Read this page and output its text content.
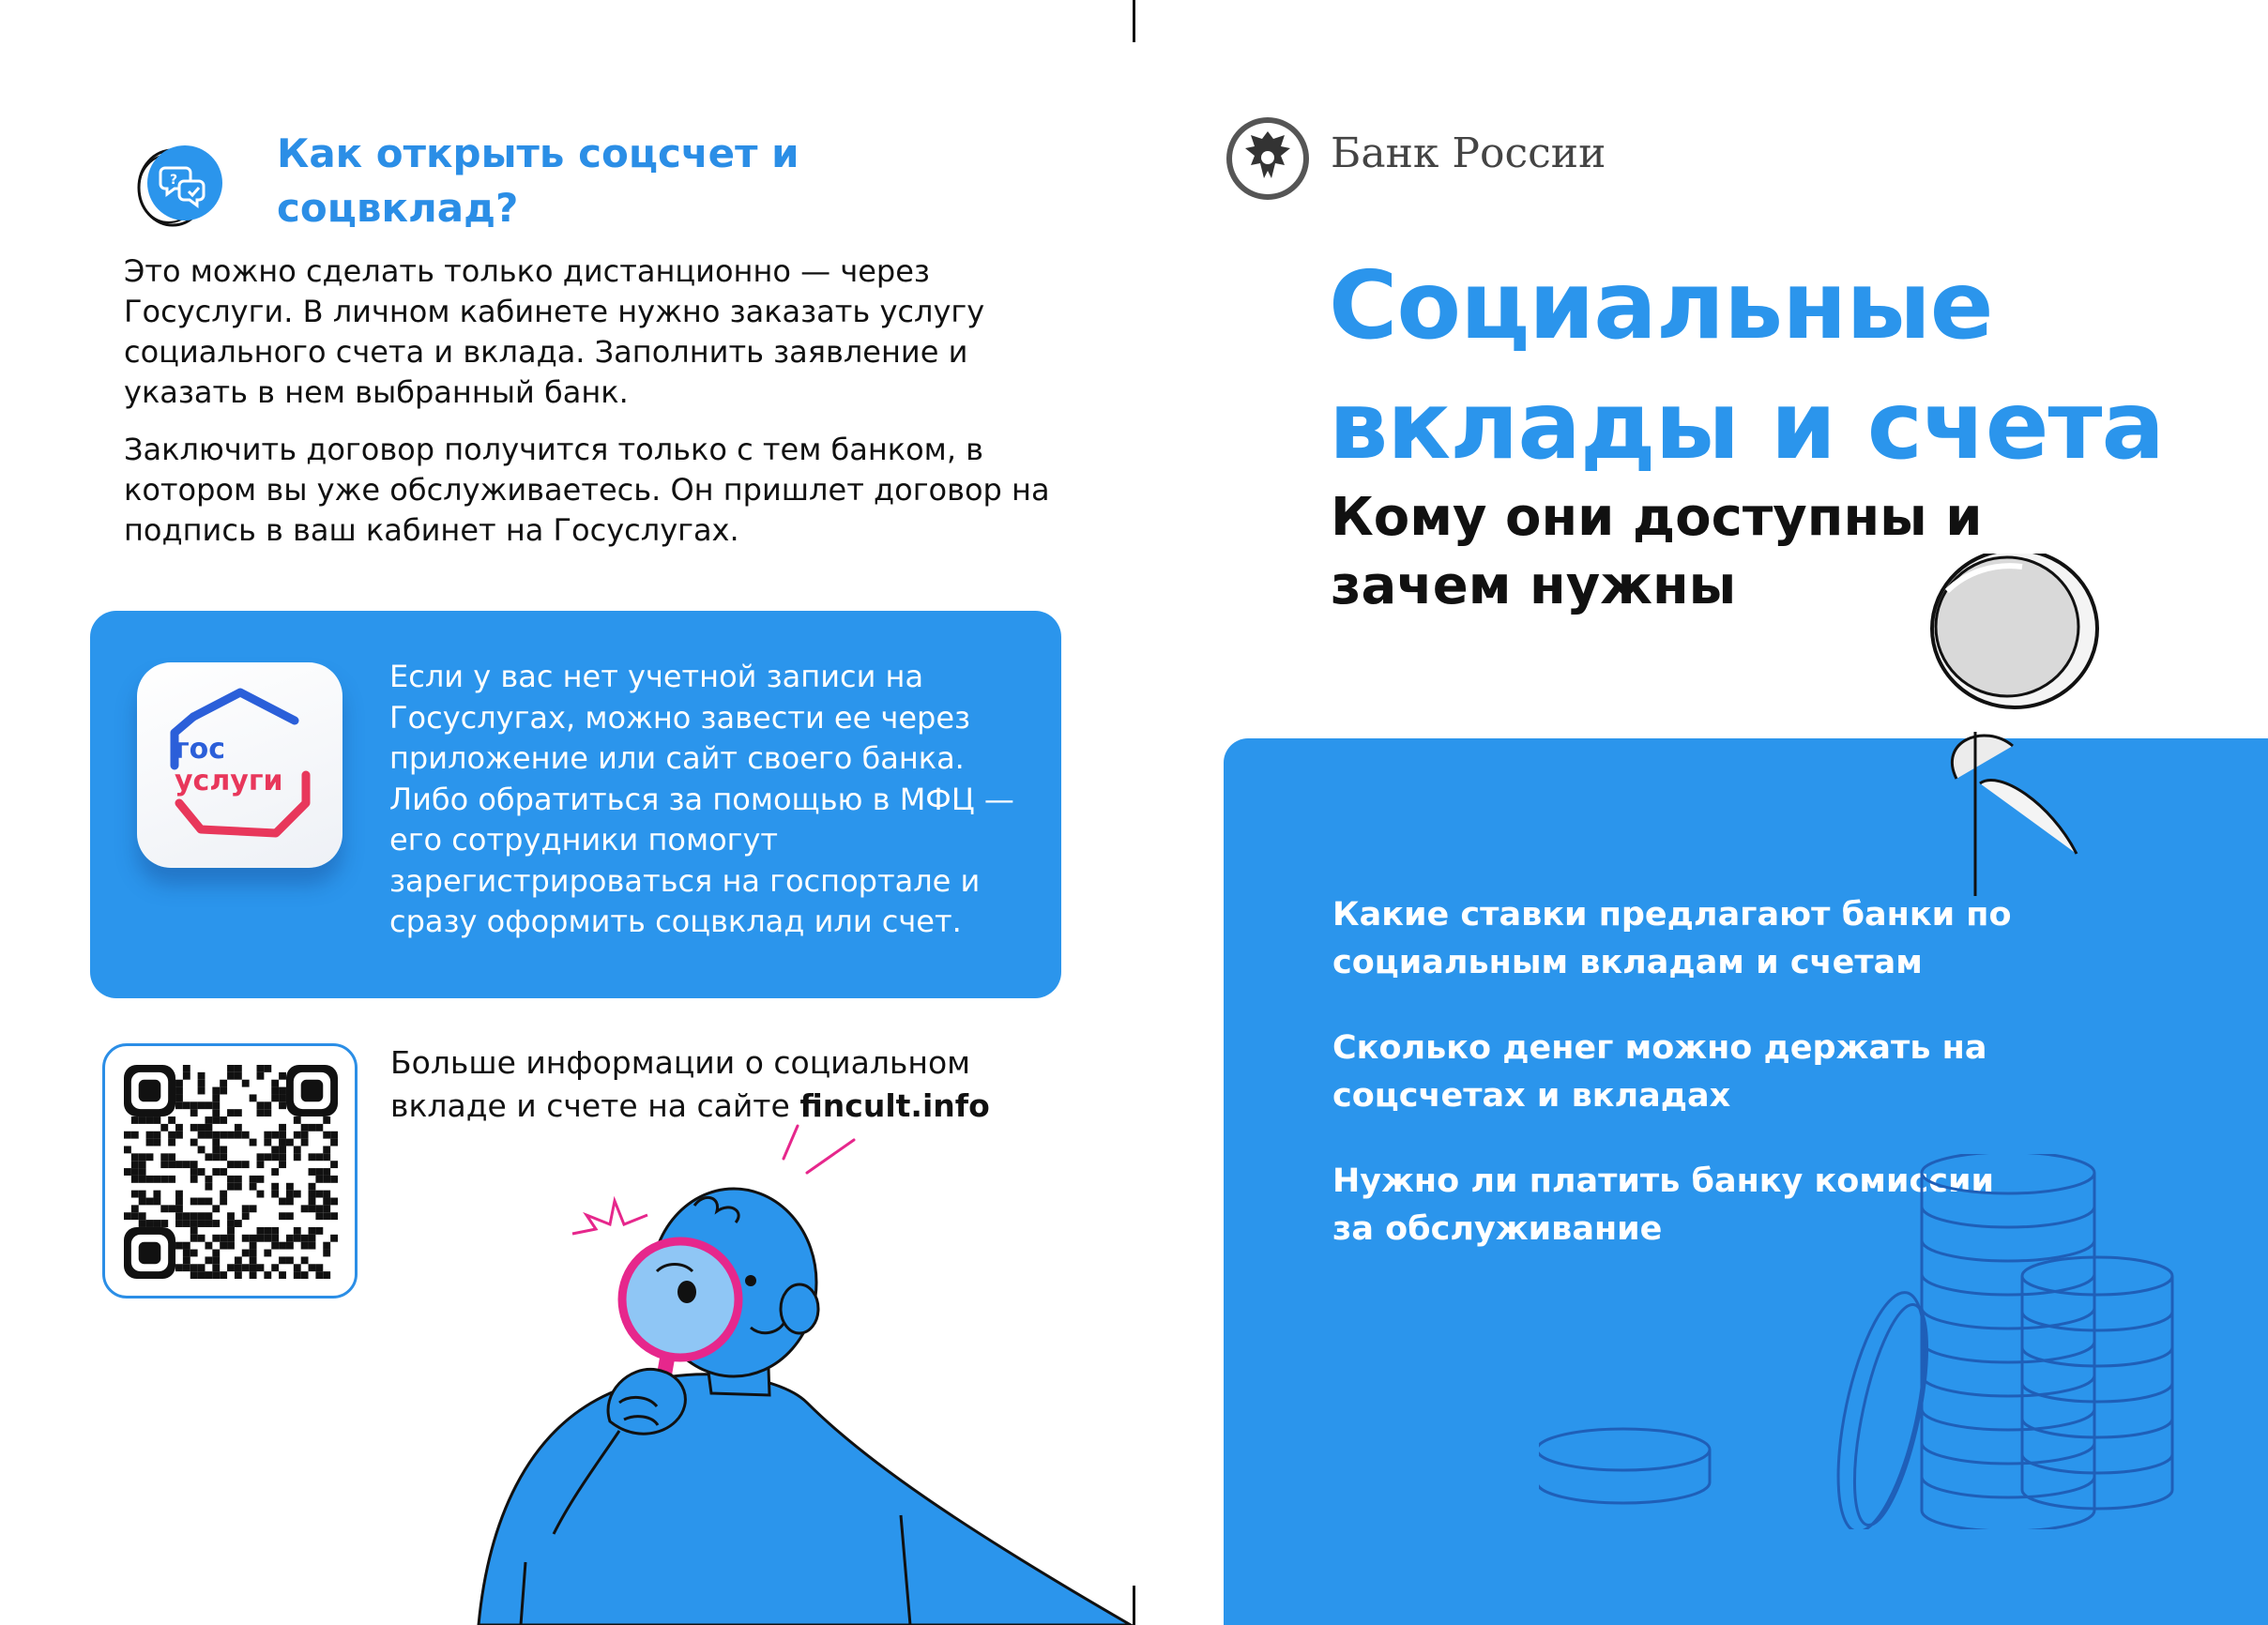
?
Как открыть соцсчет и соцвклад?
Это можно сделать только дистанционно — через Госуслуги. В личном кабинете нужно заказать услугу социального счета и вклада. Заполнить заявление и указать в нем выбранный банк.
Заключить договор получится только с тем банком, в котором вы уже обслуживаетесь. Он пришлет договор на подпись в ваш кабинет на Госуслугах.
гос
услуги
Если у вас нет учетной записи на Госуслугах, можно завести ее через приложение или сайт своего банка. Либо обратиться за помощью в МФЦ — его сотрудники помогут зарегистрироваться на госпортале и сразу оформить соцвклад или счет.
Больше информации о социальном вкладе и счете на сайте fincult.info
Банк России
Социальные вклады и счета
Кому они доступны и зачем нужны
Какие ставки предлагают банки по социальным вкладам и счетам
Сколько денег можно держать на соцсчетах и вкладах
Нужно ли платить банку комиссии за обслуживание
